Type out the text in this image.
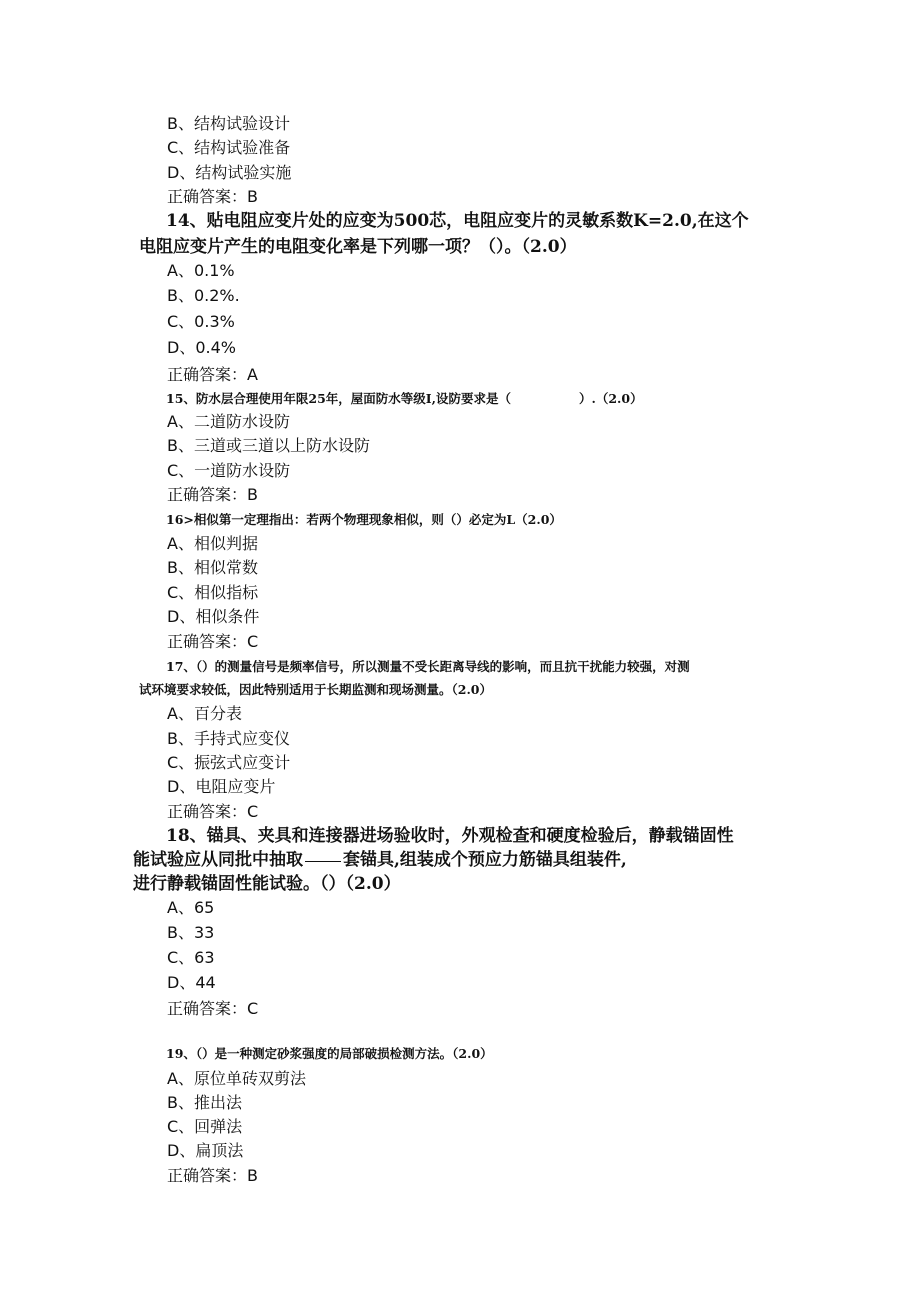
B、结构试验设计
C、结构试验准备
D、结构试验实施
正确答案：B
14、贴电阻应变片处的应变为500芯，电阻应变片的灵敏系数K=2.0,在这个
电阻应变片产生的电阻变化率是下列哪一项？（）。（2.0）
A、0.1%
B、0.2%.
C、0.3%
D、0.4%
正确答案：A
15、防水层合理使用年限25年，屋面防水等级I,设防要求是（	）.（2.0）
A、二道防水设防
B、三道或三道以上防水设防
C、一道防水设防
正确答案：B
16>相似第一定理指出：若两个物理现象相似，则（）必定为L（2.0）
A、相似判据
B、相似常数
C、相似指标
D、相似条件
正确答案：C
17、（）的测量信号是频率信号，所以测量不受长距离导线的影响，而且抗干扰能力较强，对测
试环境要求较低，因此特别适用于长期监测和现场测量。（2.0）
A、百分表
B、手持式应变仪
C、振弦式应变计
D、电阻应变片
正确答案：C
18、锚具、夹具和连接器进场验收时，外观检查和硬度检验后，静载锚固性
能试验应从同批中抽取 套锚具,组装成个预应力筋锚具组装件,
进行静载锚固性能试验。（）（2.0）
A、65
B、33
C、63
D、44
正确答案：C
19、（）是一种测定砂浆强度的局部破损检测方法。（2.0）
A、原位单砖双剪法
B、推出法
C、回弹法
D、扁顶法
正确答案：B
